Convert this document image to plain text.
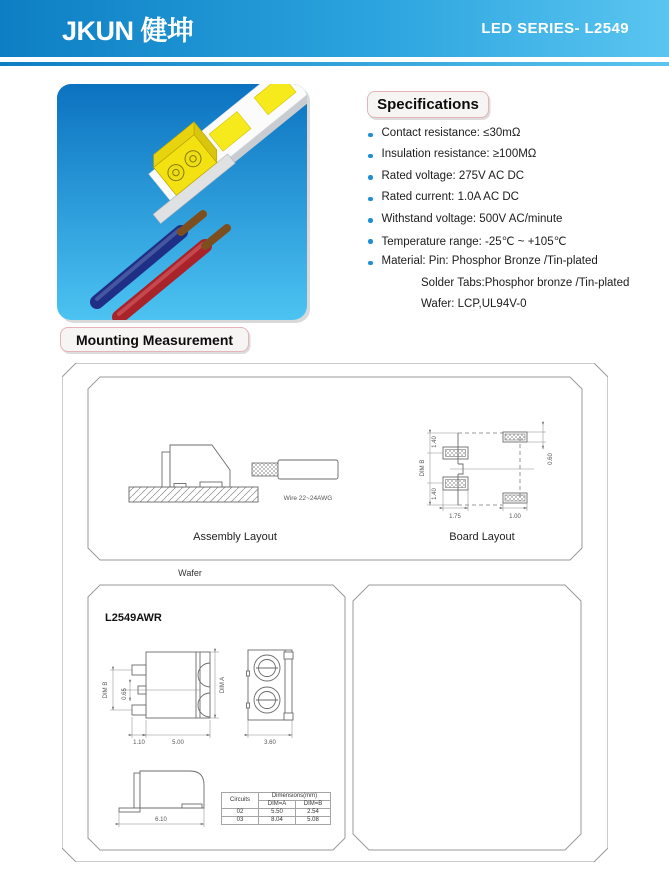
JKUN 健坤	LED SERIES- L2549
Specifications
Contact resistance: ≤30mΩ
Insulation resistance: ≥100MΩ
Rated voltage: 275V AC DC
Rated current: 1.0A AC DC
Withstand voltage: 500V AC/minute
Temperature range: -25℃ ~ +105℃
Material: Pin: Phosphor Bronze /Tin-plated
Solder Tabs:Phosphor bronze /Tin-plated
Wafer: LCP,UL94V-0
Mounting Measurement
Wire 22~24AWG
Assembly Layout
1.40
DIM B
1.40
0.60
1.75	1.00
Board Layout
Wafer
L2549AWR
DIM B 0.65
DIM A
1.10	5.00	3.60
6.10
Circuits	Dimensions(mm)	
	DIM=A	DIM=B
02	5.50	2.54
03	8.04	5.08
